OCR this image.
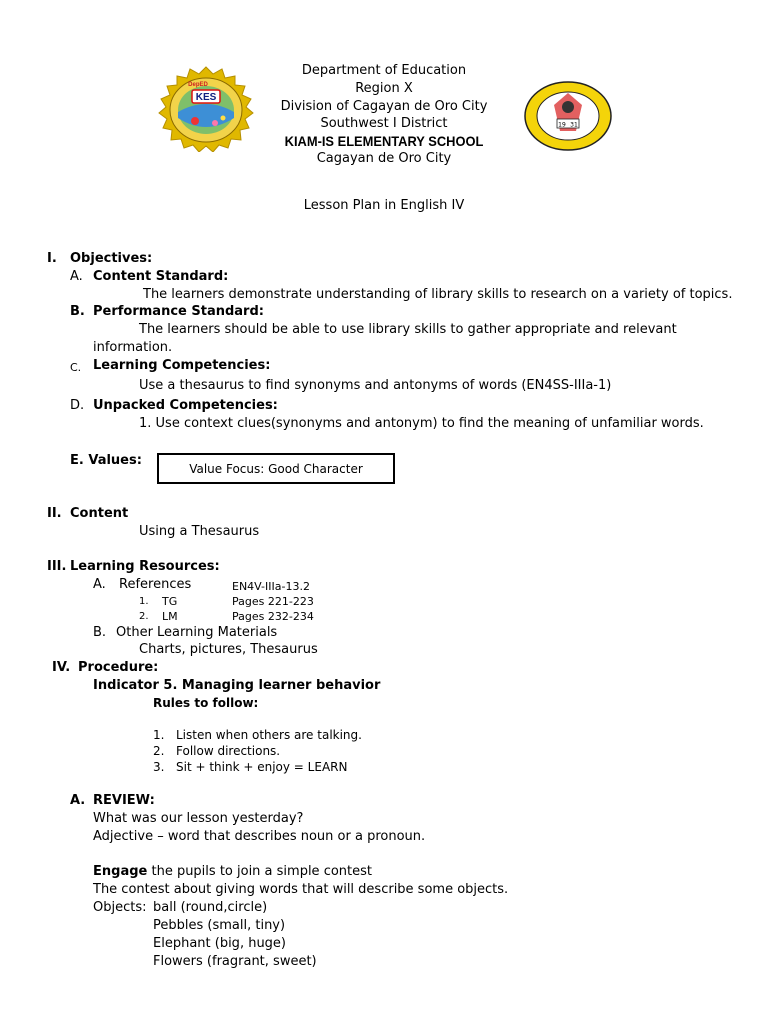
KES
DepED
19 31
Department of Education
Region X
Division of Cagayan de Oro City
Southwest I District
KIAM-IS ELEMENTARY SCHOOL
Cagayan de Oro City
Lesson Plan in English IV
I. Objectives:
A. Content Standard:
The learners demonstrate understanding of library skills to research on a variety of topics.
B. Performance Standard:
The learners should be able to use library skills to gather appropriate and relevant
information.
C. Learning Competencies:
Use a thesaurus to find synonyms and antonyms of words (EN4SS-IIIa-1)
D. Unpacked Competencies:
1. Use context clues(synonyms and antonym) to find the meaning of unfamiliar words.
E. Values:
Value Focus: Good Character
II. Content
Using a Thesaurus
III. Learning Resources:
A. References	EN4V-IIIa-13.2
1. TG	Pages 221-223
2. LM	Pages 232-234
B. Other Learning Materials
Charts, pictures, Thesaurus
IV. Procedure:
Indicator 5. Managing learner behavior
Rules to follow:
1. Listen when others are talking.
2. Follow directions.
3. Sit + think + enjoy = LEARN
A. REVIEW:
What was our lesson yesterday?
Adjective – word that describes noun or a pronoun.
Engage the pupils to join a simple contest
The contest about giving words that will describe some objects.
Objects: ball (round,circle)
Pebbles (small, tiny)
Elephant (big, huge)
Flowers (fragrant, sweet)
